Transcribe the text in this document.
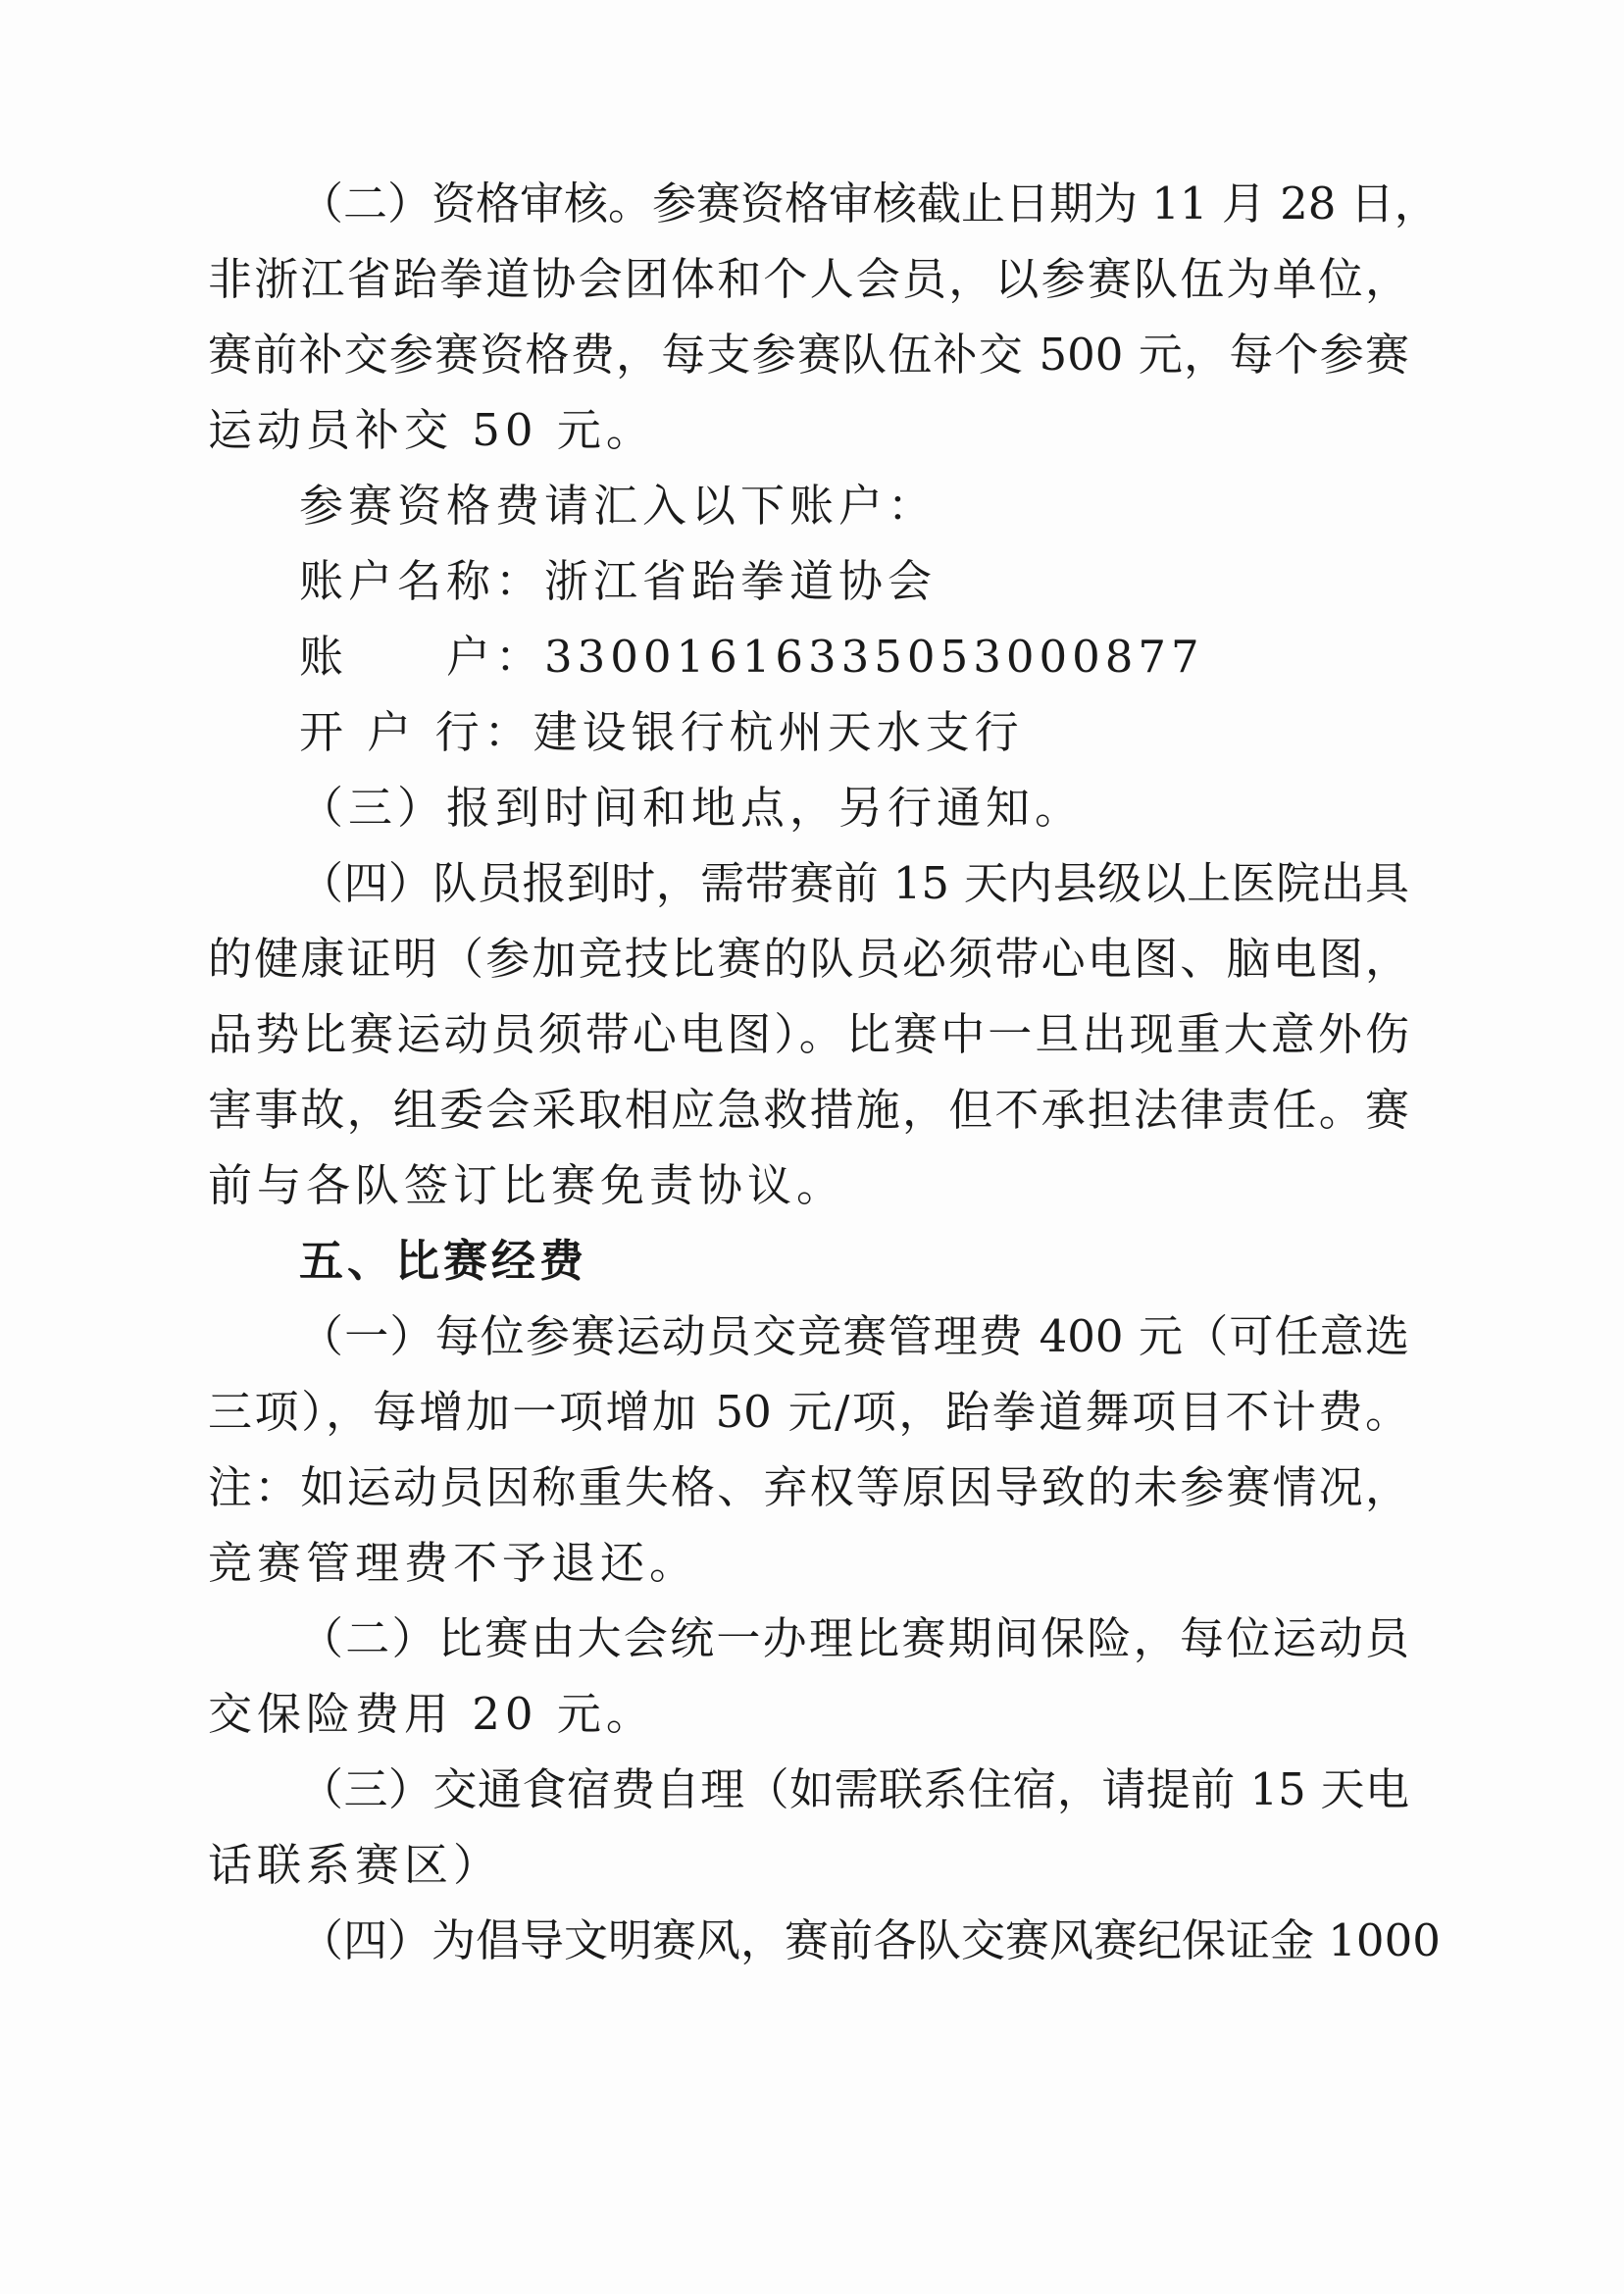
（二）资格审核。参赛资格审核截止日期为 11 月 28 日，
非浙江省跆拳道协会团体和个人会员，以参赛队伍为单位，
赛前补交参赛资格费，每支参赛队伍补交 500 元，每个参赛
运动员补交 50 元。
参赛资格费请汇入以下账户：
账户名称：浙江省跆拳道协会
账　　户：33001616335053000877
开 户 行：建设银行杭州天水支行
（三）报到时间和地点，另行通知。
（四）队员报到时，需带赛前 15 天内县级以上医院出具
的健康证明（参加竞技比赛的队员必须带心电图、脑电图，
品势比赛运动员须带心电图）。比赛中一旦出现重大意外伤
害事故，组委会采取相应急救措施，但不承担法律责任。赛
前与各队签订比赛免责协议。
五、比赛经费
（一）每位参赛运动员交竞赛管理费 400 元（可任意选
三项），每增加一项增加 50 元/项，跆拳道舞项目不计费。
注：如运动员因称重失格、弃权等原因导致的未参赛情况，
竞赛管理费不予退还。
（二）比赛由大会统一办理比赛期间保险，每位运动员
交保险费用 20 元。
（三）交通食宿费自理（如需联系住宿，请提前 15 天电
话联系赛区）
（四）为倡导文明赛风，赛前各队交赛风赛纪保证金 1000
